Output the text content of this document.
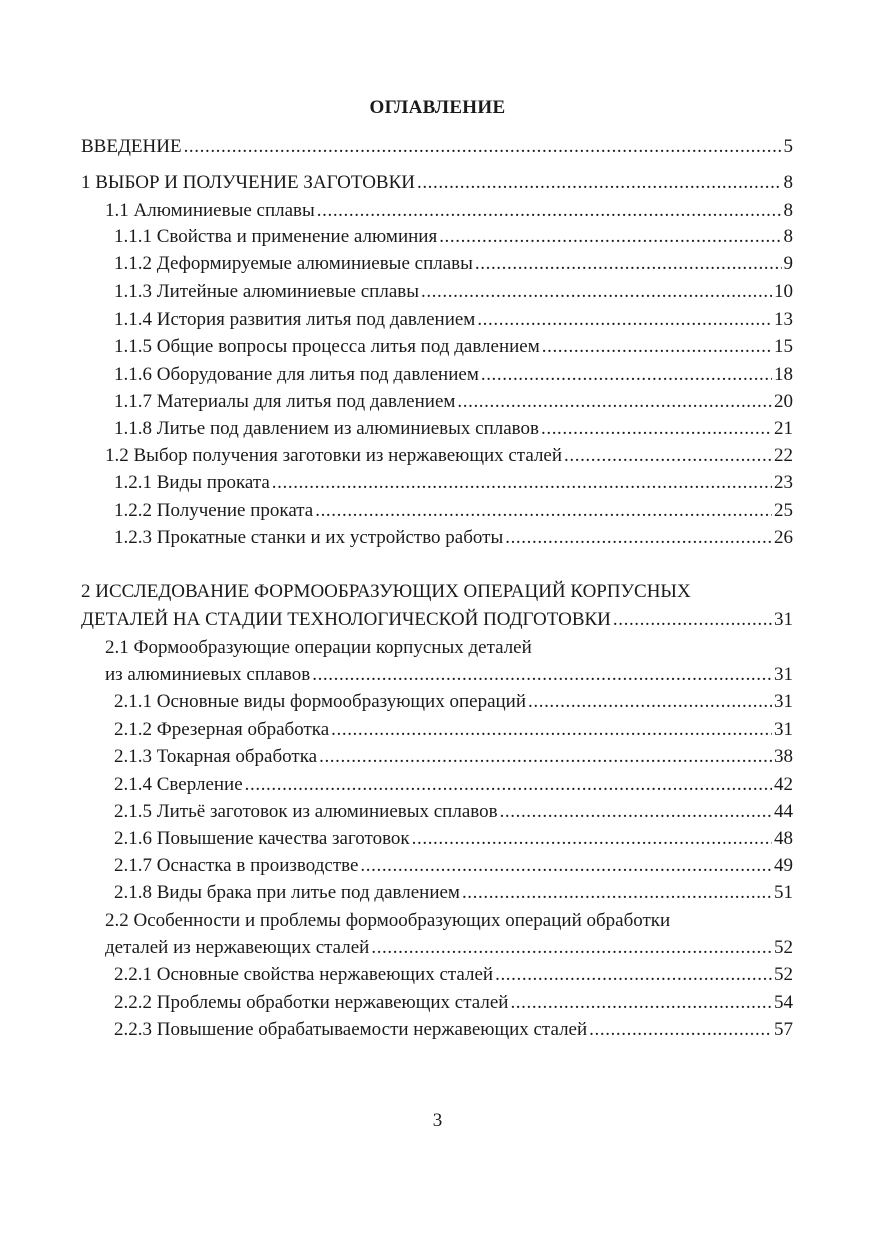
ОГЛАВЛЕНИЕ
ВВЕДЕНИЕ .....	5
1 ВЫБОР И ПОЛУЧЕНИЕ ЗАГОТОВКИ .....	8
1.1 Алюминиевые сплавы .....	8
1.1.1 Свойства и применение алюминия .....	8
1.1.2 Деформируемые алюминиевые сплавы .....	9
1.1.3 Литейные алюминиевые сплавы .....	10
1.1.4 История развития литья под давлением .....	13
1.1.5 Общие вопросы процесса литья под давлением .....	15
1.1.6 Оборудование для литья под давлением .....	18
1.1.7 Материалы для литья под давлением .....	20
1.1.8 Литье под давлением из алюминиевых сплавов .....	21
1.2 Выбор получения заготовки из нержавеющих сталей .....	22
1.2.1 Виды проката .....	23
1.2.2 Получение проката .....	25
1.2.3 Прокатные станки и их устройство работы .....	26
2 ИССЛЕДОВАНИЕ ФОРМООБРАЗУЮЩИХ ОПЕРАЦИЙ КОРПУСНЫХ
ДЕТАЛЕЙ НА СТАДИИ ТЕХНОЛОГИЧЕСКОЙ ПОДГОТОВКИ .....	31
2.1 Формообразующие операции корпусных деталей
из алюминиевых сплавов .....	31
2.1.1 Основные виды формообразующих операций .....	31
2.1.2 Фрезерная обработка .....	31
2.1.3 Токарная обработка .....	38
2.1.4 Сверление .....	42
2.1.5 Литьё заготовок из алюминиевых сплавов .....	44
2.1.6 Повышение качества заготовок .....	48
2.1.7 Оснастка в производстве .....	49
2.1.8 Виды брака при литье под давлением .....	51
2.2 Особенности и проблемы формообразующих операций обработки
деталей из нержавеющих сталей .....	52
2.2.1 Основные свойства нержавеющих сталей .....	52
2.2.2 Проблемы обработки нержавеющих сталей .....	54
2.2.3 Повышение обрабатываемости нержавеющих сталей .....	57
3
